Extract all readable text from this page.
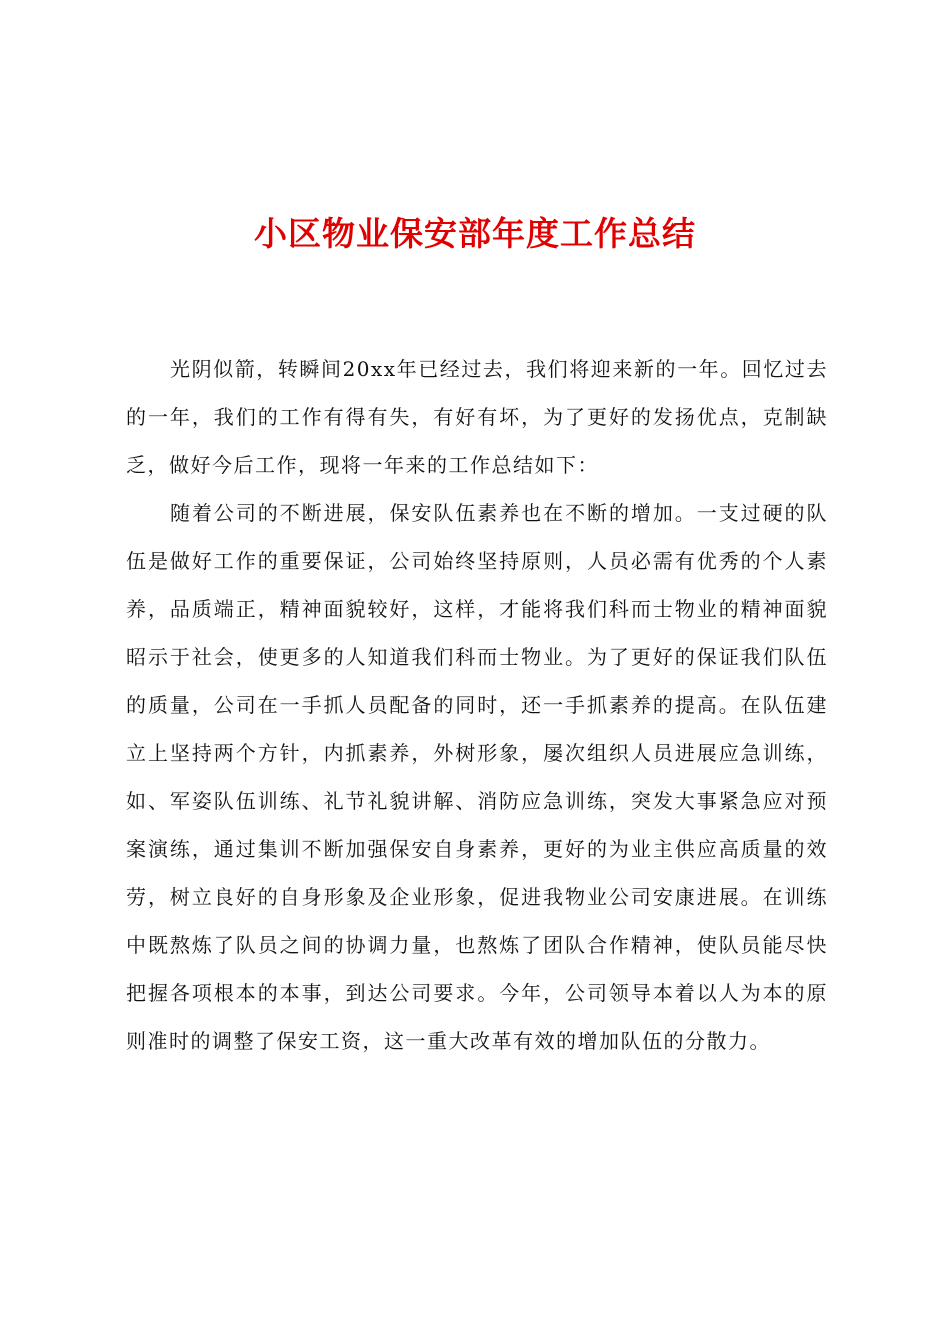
小区物业保安部年度工作总结

光阴似箭，转瞬间20xx年已经过去，我们将迎来新的一年。回忆过去的一年，我们的工作有得有失，有好有坏，为了更好的发扬优点，克制缺乏，做好今后工作，现将一年来的工作总结如下：

随着公司的不断进展，保安队伍素养也在不断的增加。一支过硬的队伍是做好工作的重要保证，公司始终坚持原则，人员必需有优秀的个人素养，品质端正，精神面貌较好，这样，才能将我们科而士物业的精神面貌昭示于社会，使更多的人知道我们科而士物业。为了更好的保证我们队伍的质量，公司在一手抓人员配备的同时，还一手抓素养的提高。在队伍建立上坚持两个方针，内抓素养，外树形象，屡次组织人员进展应急训练，如、军姿队伍训练、礼节礼貌讲解、消防应急训练，突发大事紧急应对预案演练，通过集训不断加强保安自身素养，更好的为业主供应高质量的效劳，树立良好的自身形象及企业形象，促进我物业公司安康进展。在训练中既熬炼了队员之间的协调力量，也熬炼了团队合作精神，使队员能尽快把握各项根本的本事，到达公司要求。今年，公司领导本着以人为本的原则准时的调整了保安工资，这一重大改革有效的增加队伍的分散力。
